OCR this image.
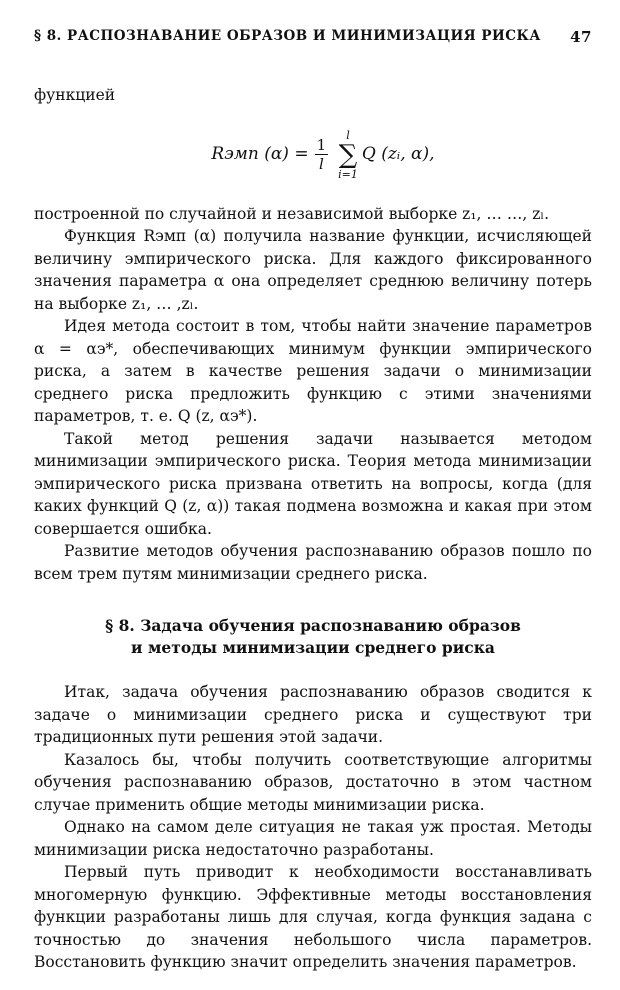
§ 8. РАСПОЗНАВАНИЕ ОБРАЗОВ И МИНИМИЗАЦИЯ РИСКА 47

функцией

Rэмп $(\alpha) = \frac{1}{l}$
l
∑
i=1
Q (zᵢ, α),

построенной по случайной и независимой выборке z₁, … …, zₗ.

Функция Rэмп (α) получила название функции, исчисляющей величину эмпирического риска. Для каждого фиксированного значения параметра α она определяет среднюю величину потерь на выборке z₁, … ,zₗ.

Идея метода состоит в том, чтобы найти значение параметров α = αэ*, обеспечивающих минимум функции эмпирического риска, а затем в качестве решения задачи о минимизации среднего риска предложить функцию с этими значениями параметров, т. е. Q (z, αэ*).

Такой метод решения задачи называется методом минимизации эмпирического риска. Теория метода минимизации эмпирического риска призвана ответить на вопросы, когда (для каких функций Q (z, α)) такая подмена возможна и какая при этом совершается ошибка.

Развитие методов обучения распознаванию образов пошло по всем трем путям минимизации среднего риска.

§ 8. Задача обучения распознаванию образов
и методы минимизации среднего риска

Итак, задача обучения распознаванию образов сводится к задаче о минимизации среднего риска и существуют три традиционных пути решения этой задачи.

Казалось бы, чтобы получить соответствующие алгоритмы обучения распознаванию образов, достаточно в этом частном случае применить общие методы минимизации риска.

Однако на самом деле ситуация не такая уж простая. Методы минимизации риска недостаточно разработаны.

Первый путь приводит к необходимости восстанавливать многомерную функцию. Эффективные методы восстановления функции разработаны лишь для случая, когда функция задана с точностью до значения небольшого числа параметров. Восстановить функцию значит определить значения параметров.
